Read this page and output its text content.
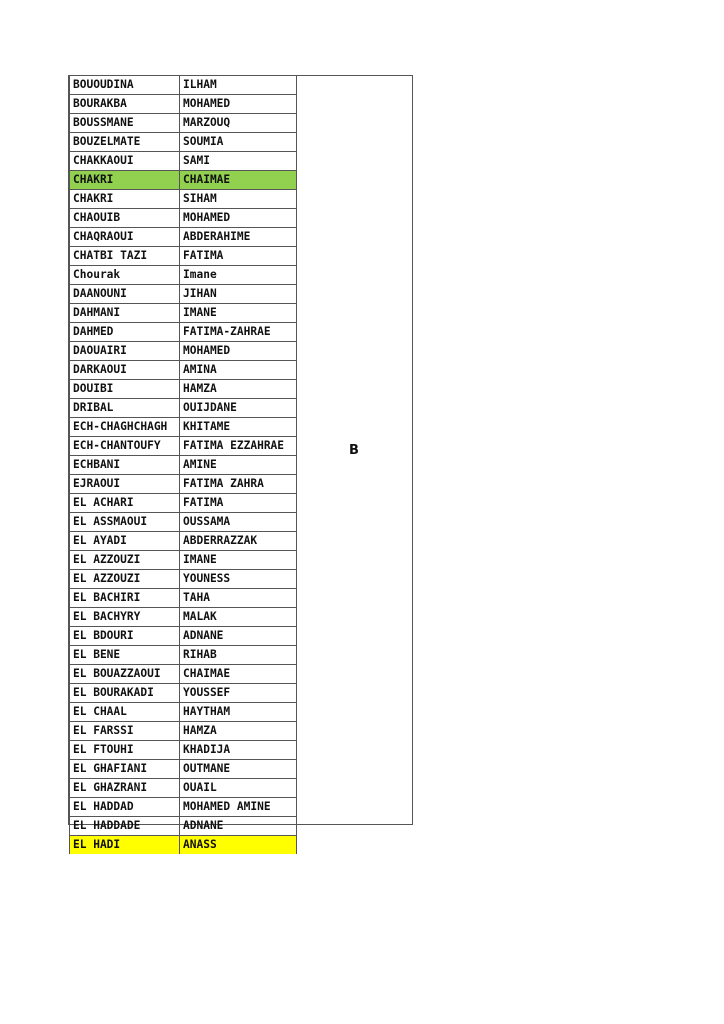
BOUOUDINA	ILHAM
BOURAKBA	MOHAMED
BOUSSMANE	MARZOUQ
BOUZELMATE	SOUMIA
CHAKKAOUI	SAMI
CHAKRI	CHAIMAE
CHAKRI	SIHAM
CHAOUIB	MOHAMED
CHAQRAOUI	ABDERAHIME
CHATBI TAZI	FATIMA
Chourak	Imane
DAANOUNI	JIHAN
DAHMANI	IMANE
DAHMED	FATIMA-ZAHRAE
DAOUAIRI	MOHAMED
DARKAOUI	AMINA
DOUIBI	HAMZA
DRIBAL	OUIJDANE
ECH-CHAGHCHAGH	KHITAME
ECH-CHANTOUFY	FATIMA EZZAHRAE
ECHBANI	AMINE
EJRAOUI	FATIMA ZAHRA
EL ACHARI	FATIMA
EL ASSMAOUI	OUSSAMA
EL AYADI	ABDERRAZZAK
EL AZZOUZI	IMANE
EL AZZOUZI	YOUNESS
EL BACHIRI	TAHA
EL BACHYRY	MALAK
EL BDOURI	ADNANE
EL BENE	RIHAB
EL BOUAZZAOUI	CHAIMAE
EL BOURAKADI	YOUSSEF
EL CHAAL	HAYTHAM
EL FARSSI	HAMZA
EL FTOUHI	KHADIJA
EL GHAFIANI	OUTMANE
EL GHAZRANI	OUAIL
EL HADDAD	MOHAMED AMINE
EL HADDADE	ADNANE
EL HADI	ANASS
B
